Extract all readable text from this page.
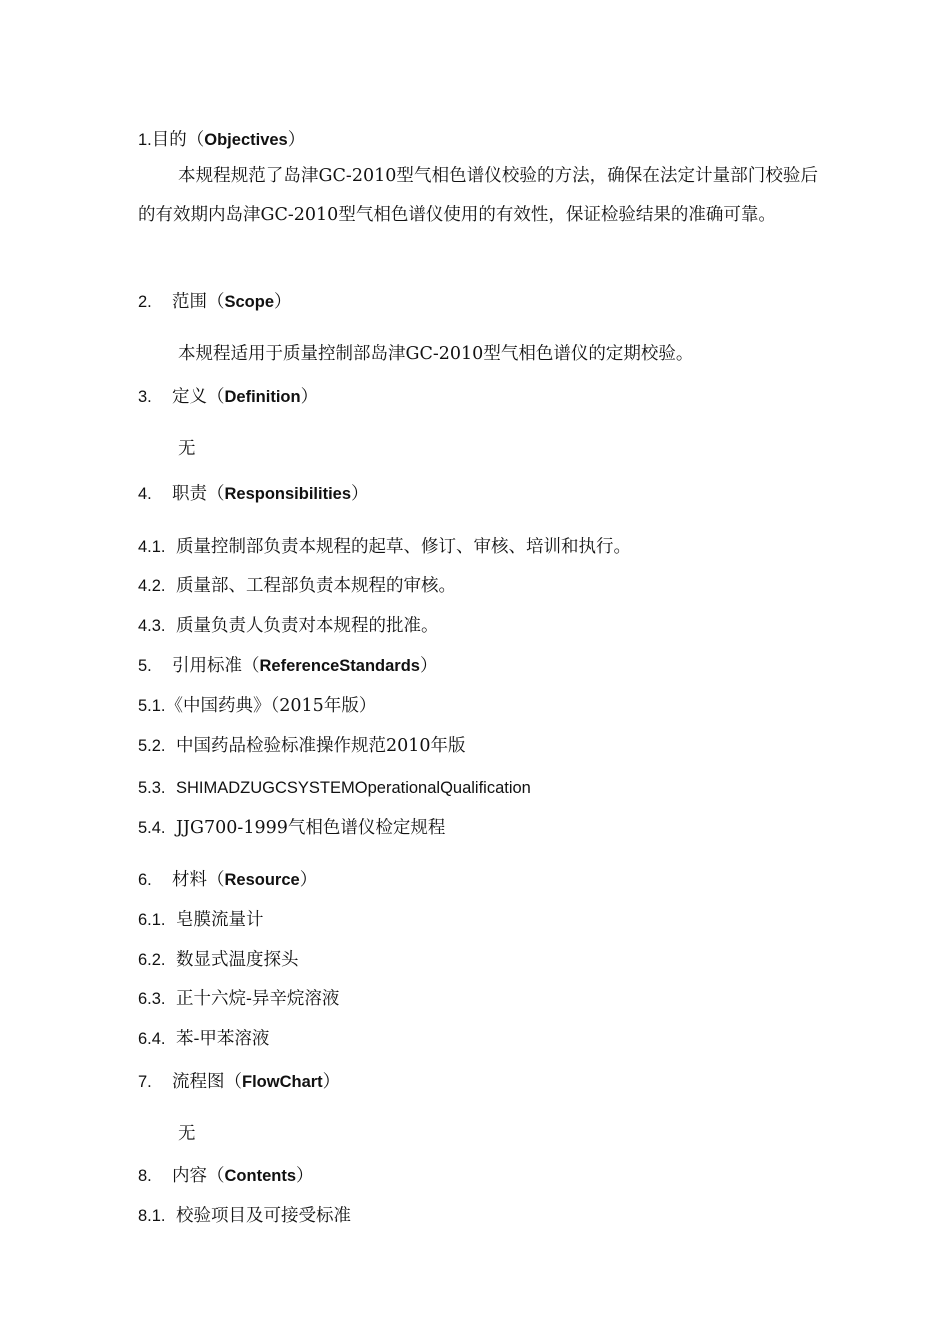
1.目的（Objectives）
本规程规范了岛津GC-2010型气相色谱仪校验的方法，确保在法定计量部门校验后的有效期内岛津GC-2010型气相色谱仪使用的有效性，保证检验结果的准确可靠。
2. 范围（Scope）
本规程适用于质量控制部岛津GC-2010型气相色谱仪的定期校验。
3. 定义（Definition）
无
4. 职责（Responsibilities）
4.1. 质量控制部负责本规程的起草、修订、审核、培训和执行。
4.2. 质量部、工程部负责本规程的审核。
4.3. 质量负责人负责对本规程的批准。
5. 引用标准（ReferenceStandards）
5.1.《中国药典》（2015年版）
5.2. 中国药品检验标准操作规范2010年版
5.3. SHIMADZUGCSYSTEMOperationalQualification
5.4. JJG700-1999气相色谱仪检定规程
6. 材料（Resource）
6.1. 皂膜流量计
6.2. 数显式温度探头
6.3. 正十六烷-异辛烷溶液
6.4. 苯-甲苯溶液
7. 流程图（FlowChart）
无
8. 内容（Contents）
8.1. 校验项目及可接受标准
